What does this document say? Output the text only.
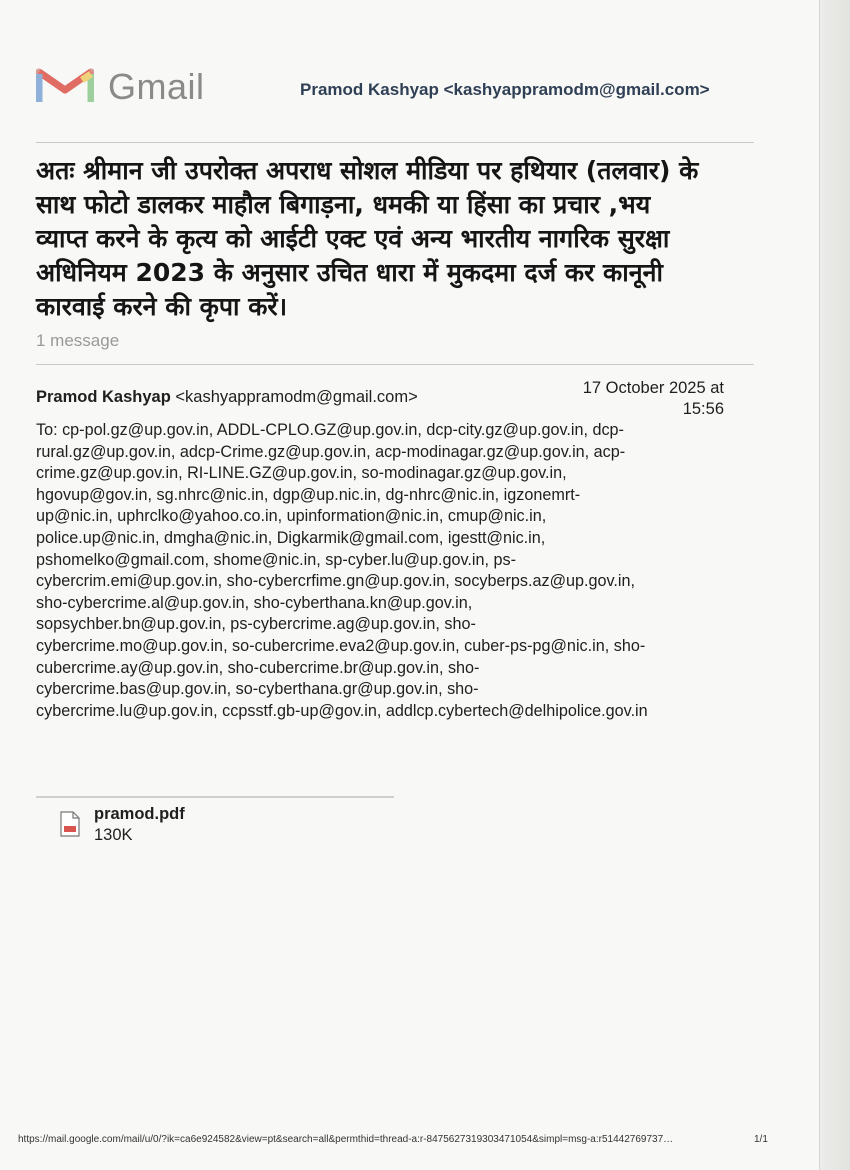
Gmail	Pramod Kashyap <kashyappramodm@gmail.com>
अतः श्रीमान जी उपरोक्त अपराध सोशल मीडिया पर हथियार (तलवार) के
साथ फोटो डालकर माहौल बिगाड़ना, धमकी या हिंसा का प्रचार ,भय
व्याप्त करने के कृत्य को आईटी एक्ट एवं अन्य भारतीय नागरिक सुरक्षा
अधिनियम 2023 के अनुसार उचित धारा में मुकदमा दर्ज कर कानूनी
कारवाई करने की कृपा करें।
1 message
Pramod Kashyap <kashyappramodm@gmail.com>	17 October 2025 at
15:56

To: cp-pol.gz@up.gov.in, ADDL-CPLO.GZ@up.gov.in, dcp-city.gz@up.gov.in, dcp-

rural.gz@up.gov.in, adcp-Crime.gz@up.gov.in, acp-modinagar.gz@up.gov.in, acp-

crime.gz@up.gov.in, RI-LINE.GZ@up.gov.in, so-modinagar.gz@up.gov.in,

hgovup@gov.in, sg.nhrc@nic.in, dgp@up.nic.in, dg-nhrc@nic.in, igzonemrt-

up@nic.in, uphrclko@yahoo.co.in, upinformation@nic.in, cmup@nic.in,

police.up@nic.in, dmgha@nic.in, Digkarmik@gmail.com, igestt@nic.in,

pshomelko@gmail.com, shome@nic.in, sp-cyber.lu@up.gov.in, ps-

cybercrim.emi@up.gov.in, sho-cybercrfime.gn@up.gov.in, socyberps.az@up.gov.in,

sho-cybercrime.al@up.gov.in, sho-cyberthana.kn@up.gov.in,

sopsychber.bn@up.gov.in, ps-cybercrime.ag@up.gov.in, sho-

cybercrime.mo@up.gov.in, so-cubercrime.eva2@up.gov.in, cuber-ps-pg@nic.in, sho-

cubercrime.ay@up.gov.in, sho-cubercrime.br@up.gov.in, sho-

cybercrime.bas@up.gov.in, so-cyberthana.gr@up.gov.in, sho-

cybercrime.lu@up.gov.in, ccpsstf.gb-up@gov.in, addlcp.cybertech@delhipolice.gov.in

pramod.pdf
130K
https://mail.google.com/mail/u/0/?ik=ca6e924582&view=pt&search=all&permthid=thread-a:r-8475627319303471054&simpl=msg-a:r51442769737…	1/1
